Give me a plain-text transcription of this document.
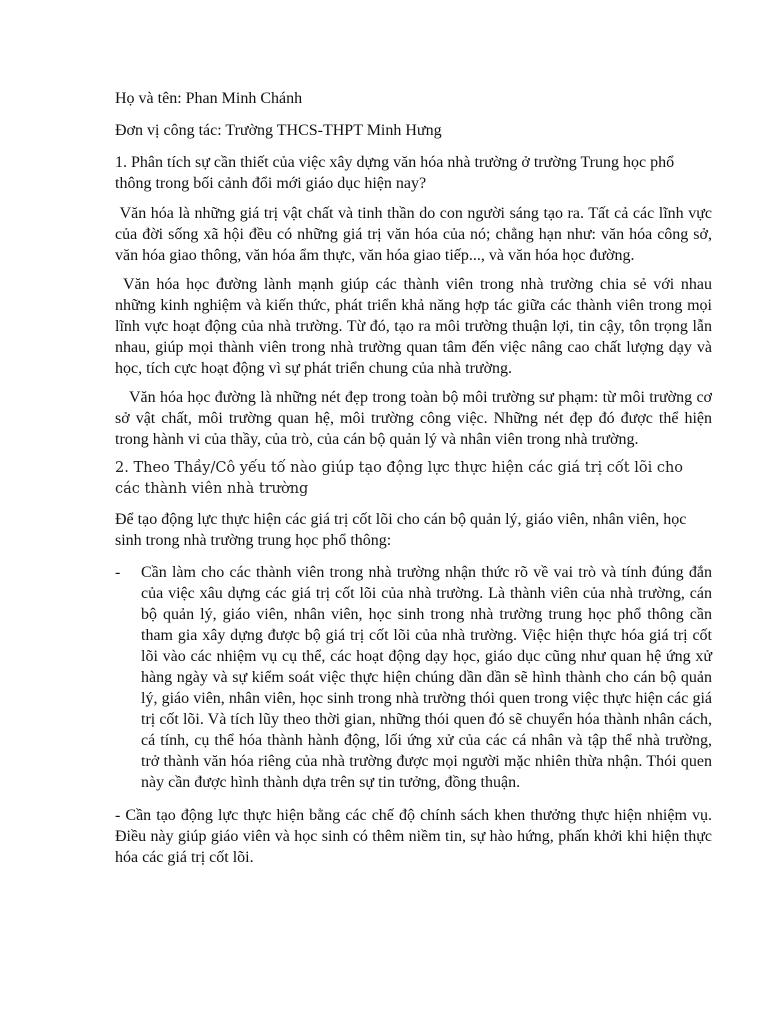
Họ và tên: Phan Minh Chánh

Đơn vị công tác: Trường THCS-THPT Minh Hưng

1. Phân tích sự cần thiết của việc xây dựng văn hóa nhà trường ở trường Trung học phổ thông trong bối cảnh đổi mới giáo dục hiện nay?

Văn hóa là những giá trị vật chất và tinh thần do con người sáng tạo ra. Tất cả các lĩnh vực của đời sống xã hội đều có những giá trị văn hóa của nó; chẳng hạn như: văn hóa công sở, văn hóa giao thông, văn hóa ẩm thực, văn hóa giao tiếp..., và văn hóa học đường.

Văn hóa học đường lành mạnh giúp các thành viên trong nhà trường chia sẻ với nhau những kinh nghiệm và kiến thức, phát triển khả năng hợp tác giữa các thành viên trong mọi lĩnh vực hoạt động của nhà trường. Từ đó, tạo ra môi trường thuận lợi, tin cậy, tôn trọng lẫn nhau, giúp mọi thành viên trong nhà trường quan tâm đến việc nâng cao chất lượng dạy và học, tích cực hoạt động vì sự phát triển chung của nhà trường.

Văn hóa học đường là những nét đẹp trong toàn bộ môi trường sư phạm: từ môi trường cơ sở vật chất, môi trường quan hệ, môi trường công việc. Những nét đẹp đó được thể hiện trong hành vi của thầy, của trò, của cán bộ quản lý và nhân viên trong nhà trường.

2. Theo Thầy/Cô yếu tố nào giúp tạo động lực thực hiện các giá trị cốt lõi cho các thành viên nhà trường

Để tạo động lực thực hiện các giá trị cốt lõi cho cán bộ quản lý, giáo viên, nhân viên, học sinh trong nhà trường trung học phổ thông:

- Cần làm cho các thành viên trong nhà trường nhận thức rõ về vai trò và tính đúng đắn của việc xâu dựng các giá trị cốt lõi của nhà trường. Là thành viên của nhà trường, cán bộ quản lý, giáo viên, nhân viên, học sinh trong nhà trường trung học phổ thông cần tham gia xây dựng được bộ giá trị cốt lõi của nhà trường. Việc hiện thực hóa giá trị cốt lõi vào các nhiệm vụ cụ thể, các hoạt động dạy học, giáo dục cũng như quan hệ ứng xử hàng ngày và sự kiểm soát việc thực hiện chúng dần dần sẽ hình thành cho cán bộ quản lý, giáo viên, nhân viên, học sinh trong nhà trường thói quen trong việc thực hiện các giá trị cốt lõi. Và tích lũy theo thời gian, những thói quen đó sẽ chuyển hóa thành nhân cách, cá tính, cụ thể hóa thành hành động, lối ứng xử của các cá nhân và tập thể nhà trường, trở thành văn hóa riêng của nhà trường được mọi người mặc nhiên thừa nhận. Thói quen này cần được hình thành dựa trên sự tin tưởng, đồng thuận.

- Cần tạo động lực thực hiện bằng các chế độ chính sách khen thưởng thực hiện nhiệm vụ. Điều này giúp giáo viên và học sinh có thêm niềm tin, sự hào hứng, phấn khởi khi hiện thực hóa các giá trị cốt lõi.
